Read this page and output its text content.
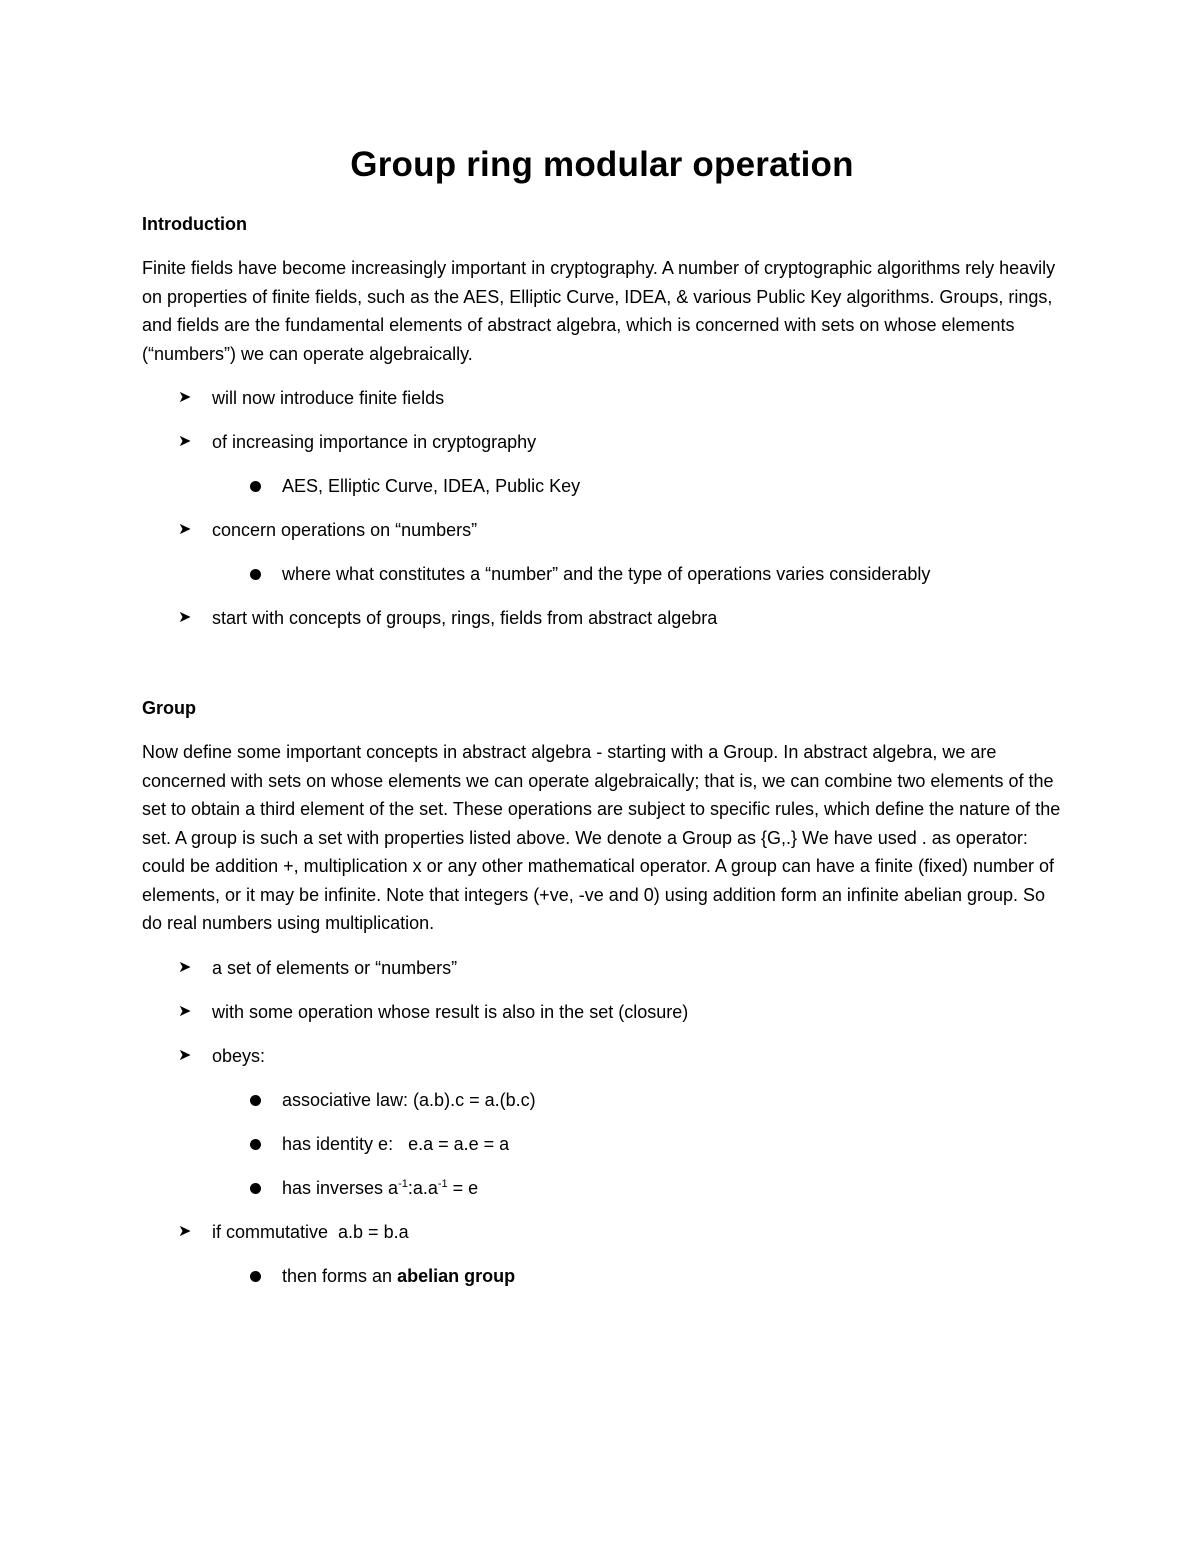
Group ring modular operation

Introduction

Finite fields have become increasingly important in cryptography. A number of cryptographic algorithms rely heavily on properties of finite fields, such as the AES, Elliptic Curve, IDEA, & various Public Key algorithms. Groups, rings, and fields are the fundamental elements of abstract algebra, which is concerned with sets on whose elements (“numbers”) we can operate algebraically.

➤ will now introduce finite fields
➤ of increasing importance in cryptography
AES, Elliptic Curve, IDEA, Public Key
➤ concern operations on “numbers”
where what constitutes a “number” and the type of operations varies considerably
➤ start with concepts of groups, rings, fields from abstract algebra

Group

Now define some important concepts in abstract algebra - starting with a Group. In abstract algebra, we are concerned with sets on whose elements we can operate algebraically; that is, we can combine two elements of the set to obtain a third element of the set. These operations are subject to specific rules, which define the nature of the set. A group is such a set with properties listed above. We denote a Group as {G,.} We have used . as operator: could be addition +, multiplication x or any other mathematical operator. A group can have a finite (fixed) number of elements, or it may be infinite. Note that integers (+ve, -ve and 0) using addition form an infinite abelian group. So do real numbers using multiplication.

➤ a set of elements or “numbers”
➤ with some operation whose result is also in the set (closure)
➤ obeys:
associative law: (a.b).c = a.(b.c)
has identity e:   e.a = a.e = a
has inverses $a^{-1}:a.a^{-1} = e$
➤ if commutative  a.b = b.a
then forms an abelian group
